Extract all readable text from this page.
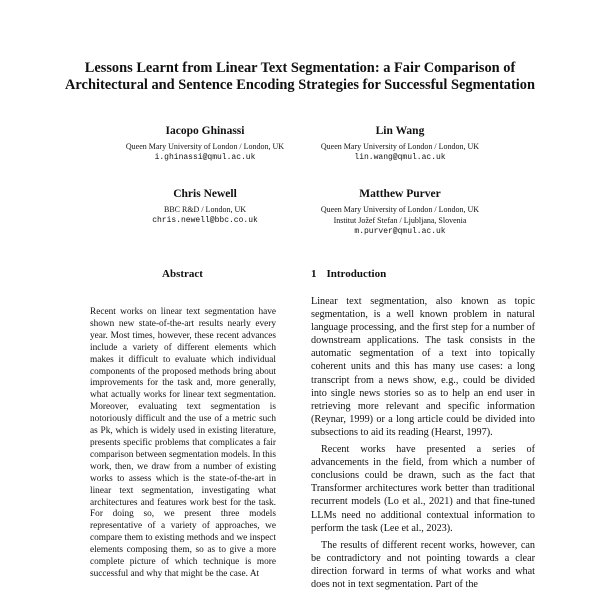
Lessons Learnt from Linear Text Segmentation: a Fair Comparison of Architectural and Sentence Encoding Strategies for Successful Segmentation
Iacopo Ghinassi
Queen Mary University of London / London, UK
i.ghinassi@qmul.ac.uk
Lin Wang
Queen Mary University of London / London, UK
lin.wang@qmul.ac.uk
Chris Newell
BBC R&D / London, UK
chris.newell@bbc.co.uk
Matthew Purver
Queen Mary University of London / London, UK
Institut Jožef Stefan / Ljubljana, Slovenia
m.purver@qmul.ac.uk
Abstract
Recent works on linear text segmentation have shown new state-of-the-art results nearly every year. Most times, however, these recent advances include a variety of different elements which makes it difficult to evaluate which individual components of the proposed methods bring about improvements for the task and, more generally, what actually works for linear text segmentation. Moreover, evaluating text segmentation is notoriously difficult and the use of a metric such as Pk, which is widely used in existing literature, presents specific problems that complicates a fair comparison between segmentation models. In this work, then, we draw from a number of existing works to assess which is the state-of-the-art in linear text segmentation, investigating what architectures and features work best for the task. For doing so, we present three models representative of a variety of approaches, we compare them to existing methods and we inspect elements composing them, so as to give a more complete picture of which technique is more successful and why that might be the case. At
1 Introduction

Linear text segmentation, also known as topic segmentation, is a well known problem in natural language processing, and the first step for a number of downstream applications. The task consists in the automatic segmentation of a text into topically coherent units and this has many use cases: a long transcript from a news show, e.g., could be divided into single news stories so as to help an end user in retrieving more relevant and specific information (Reynar, 1999) or a long article could be divided into subsections to aid its reading (Hearst, 1997).

Recent works have presented a series of advancements in the field, from which a number of conclusions could be drawn, such as the fact that Transformer architectures work better than traditional recurrent models (Lo et al., 2021) and that fine-tuned LLMs need no additional contextual information to perform the task (Lee et al., 2023).

The results of different recent works, however, can be contradictory and not pointing towards a clear direction forward in terms of what works and what does not in text segmentation. Part of the
